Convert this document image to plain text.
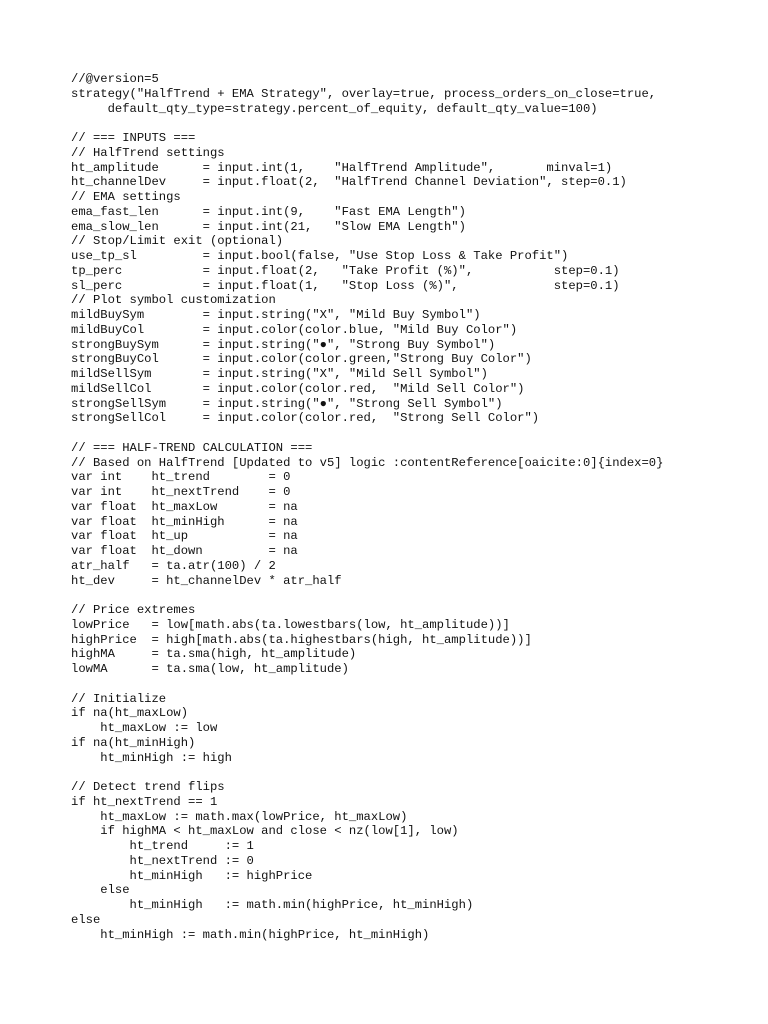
//@version=5
strategy("HalfTrend + EMA Strategy", overlay=true, process_orders_on_close=true,
default_qty_type=strategy.percent_of_equity, default_qty_value=100)
// === INPUTS ===
// HalfTrend settings
ht_amplitude      = input.int(1,    "HalfTrend Amplitude",       minval=1)
ht_channelDev     = input.float(2,  "HalfTrend Channel Deviation", step=0.1)
// EMA settings
ema_fast_len      = input.int(9,    "Fast EMA Length")
ema_slow_len      = input.int(21,   "Slow EMA Length")
// Stop/Limit exit (optional)
use_tp_sl         = input.bool(false, "Use Stop Loss & Take Profit")
tp_perc           = input.float(2,   "Take Profit (%)",           step=0.1)
sl_perc           = input.float(1,   "Stop Loss (%)",             step=0.1)
// Plot symbol customization
mildBuySym        = input.string("X", "Mild Buy Symbol")
mildBuyCol        = input.color(color.blue, "Mild Buy Color")
strongBuySym      = input.string("●", "Strong Buy Symbol")
strongBuyCol      = input.color(color.green,"Strong Buy Color")
mildSellSym       = input.string("X", "Mild Sell Symbol")
mildSellCol       = input.color(color.red,  "Mild Sell Color")
strongSellSym     = input.string("●", "Strong Sell Symbol")
strongSellCol     = input.color(color.red,  "Strong Sell Color")
// === HALF-TREND CALCULATION ===
// Based on HalfTrend [Updated to v5] logic :contentReference[oaicite:0]{index=0}
var int    ht_trend        = 0
var int    ht_nextTrend    = 0
var float  ht_maxLow       = na
var float  ht_minHigh      = na
var float  ht_up           = na
var float  ht_down         = na
atr_half   = ta.atr(100) / 2
ht_dev     = ht_channelDev * atr_half
// Price extremes
lowPrice   = low[math.abs(ta.lowestbars(low, ht_amplitude))]
highPrice  = high[math.abs(ta.highestbars(high, ht_amplitude))]
highMA     = ta.sma(high, ht_amplitude)
lowMA      = ta.sma(low, ht_amplitude)
// Initialize
if na(ht_maxLow)
ht_maxLow := low
if na(ht_minHigh)
ht_minHigh := high
// Detect trend flips
if ht_nextTrend == 1
ht_maxLow := math.max(lowPrice, ht_maxLow)
if highMA < ht_maxLow and close < nz(low[1], low)
ht_trend     := 1
ht_nextTrend := 0
ht_minHigh   := highPrice
else
ht_minHigh   := math.min(highPrice, ht_minHigh)
else
ht_minHigh := math.min(highPrice, ht_minHigh)
